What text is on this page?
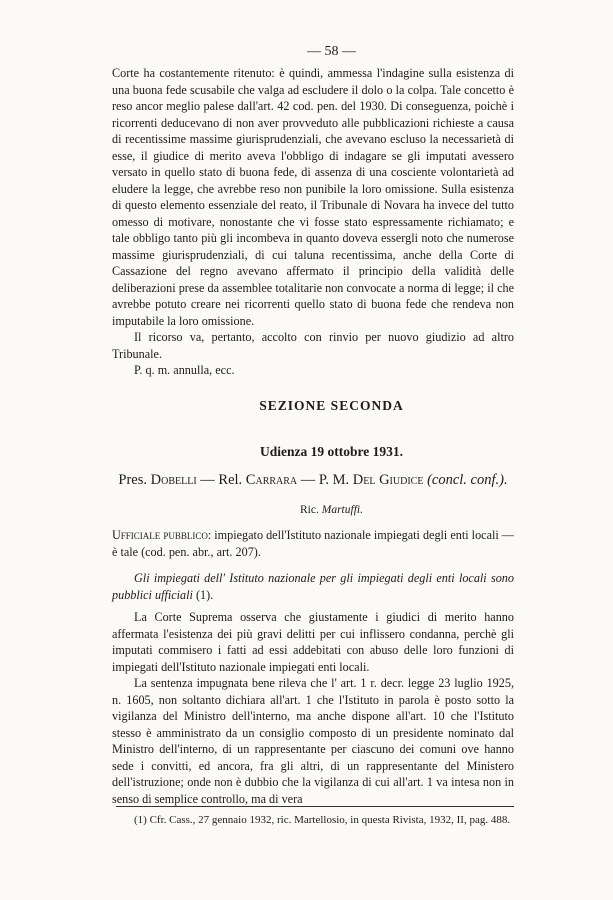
— 58 —

Corte ha costantemente ritenuto: è quindi, ammessa l'indagine sulla esistenza di una buona fede scusabile che valga ad escludere il dolo o la colpa. Tale concetto è reso ancor meglio palese dall'art. 42 cod. pen. del 1930. Di conseguenza, poichè i ricorrenti deducevano di non aver provveduto alle pubblicazioni richieste a causa di recentissime massime giurisprudenziali, che avevano escluso la necessarietà di esse, il giudice di merito aveva l'obbligo di indagare se gli imputati avessero versato in quello stato di buona fede, di assenza di una cosciente volontarietà ad eludere la legge, che avrebbe reso non punibile la loro omissione. Sulla esistenza di questo elemento essenziale del reato, il Tribunale di Novara ha invece del tutto omesso di motivare, nonostante che vi fosse stato espressamente richiamato; e tale obbligo tanto più gli incombeva in quanto doveva essergli noto che numerose massime giurisprudenziali, di cui taluna recentissima, anche della Corte di Cassazione del regno avevano affermato il principio della validità delle deliberazioni prese da assemblee totalitarie non convocate a norma di legge; il che avrebbe potuto creare nei ricorrenti quello stato di buona fede che rendeva non imputabile la loro omissione.

Il ricorso va, pertanto, accolto con rinvio per nuovo giudizio ad altro Tribunale.

P. q. m. annulla, ecc.

SEZIONE SECONDA
Udienza 19 ottobre 1931.
Pres. Dobelli — Rel. Carrara — P. M. Del Giudice (concl. conf.).
Ric. Martuffi.

Ufficiale pubblico: impiegato dell'Istituto nazionale impiegati degli enti locali — è tale (cod. pen. abr., art. 207).

Gli impiegati dell' Istituto nazionale per gli impiegati degli enti locali sono pubblici ufficiali (1).

La Corte Suprema osserva che giustamente i giudici di merito hanno affermata l'esistenza dei più gravi delitti per cui inflissero condanna, perchè gli imputati commisero i fatti ad essi addebitati con abuso delle loro funzioni di impiegati dell'Istituto nazionale impiegati enti locali.

La sentenza impugnata bene rileva che l' art. 1 r. decr. legge 23 luglio 1925, n. 1605, non soltanto dichiara all'art. 1 che l'Istituto in parola è posto sotto la vigilanza del Ministro dell'interno, ma anche dispone all'art. 10 che l'Istituto stesso è amministrato da un consiglio composto di un presidente nominato dal Ministro dell'interno, di un rappresentante per ciascuno dei comuni ove hanno sede i convitti, ed ancora, fra gli altri, di un rappresentante del Ministero dell'istruzione; onde non è dubbio che la vigilanza di cui all'art. 1 va intesa non in senso di semplice controllo, ma di vera

(1) Cfr. Cass., 27 gennaio 1932, ric. Martellosio, in questa Rivista, 1932, II, pag. 488.
